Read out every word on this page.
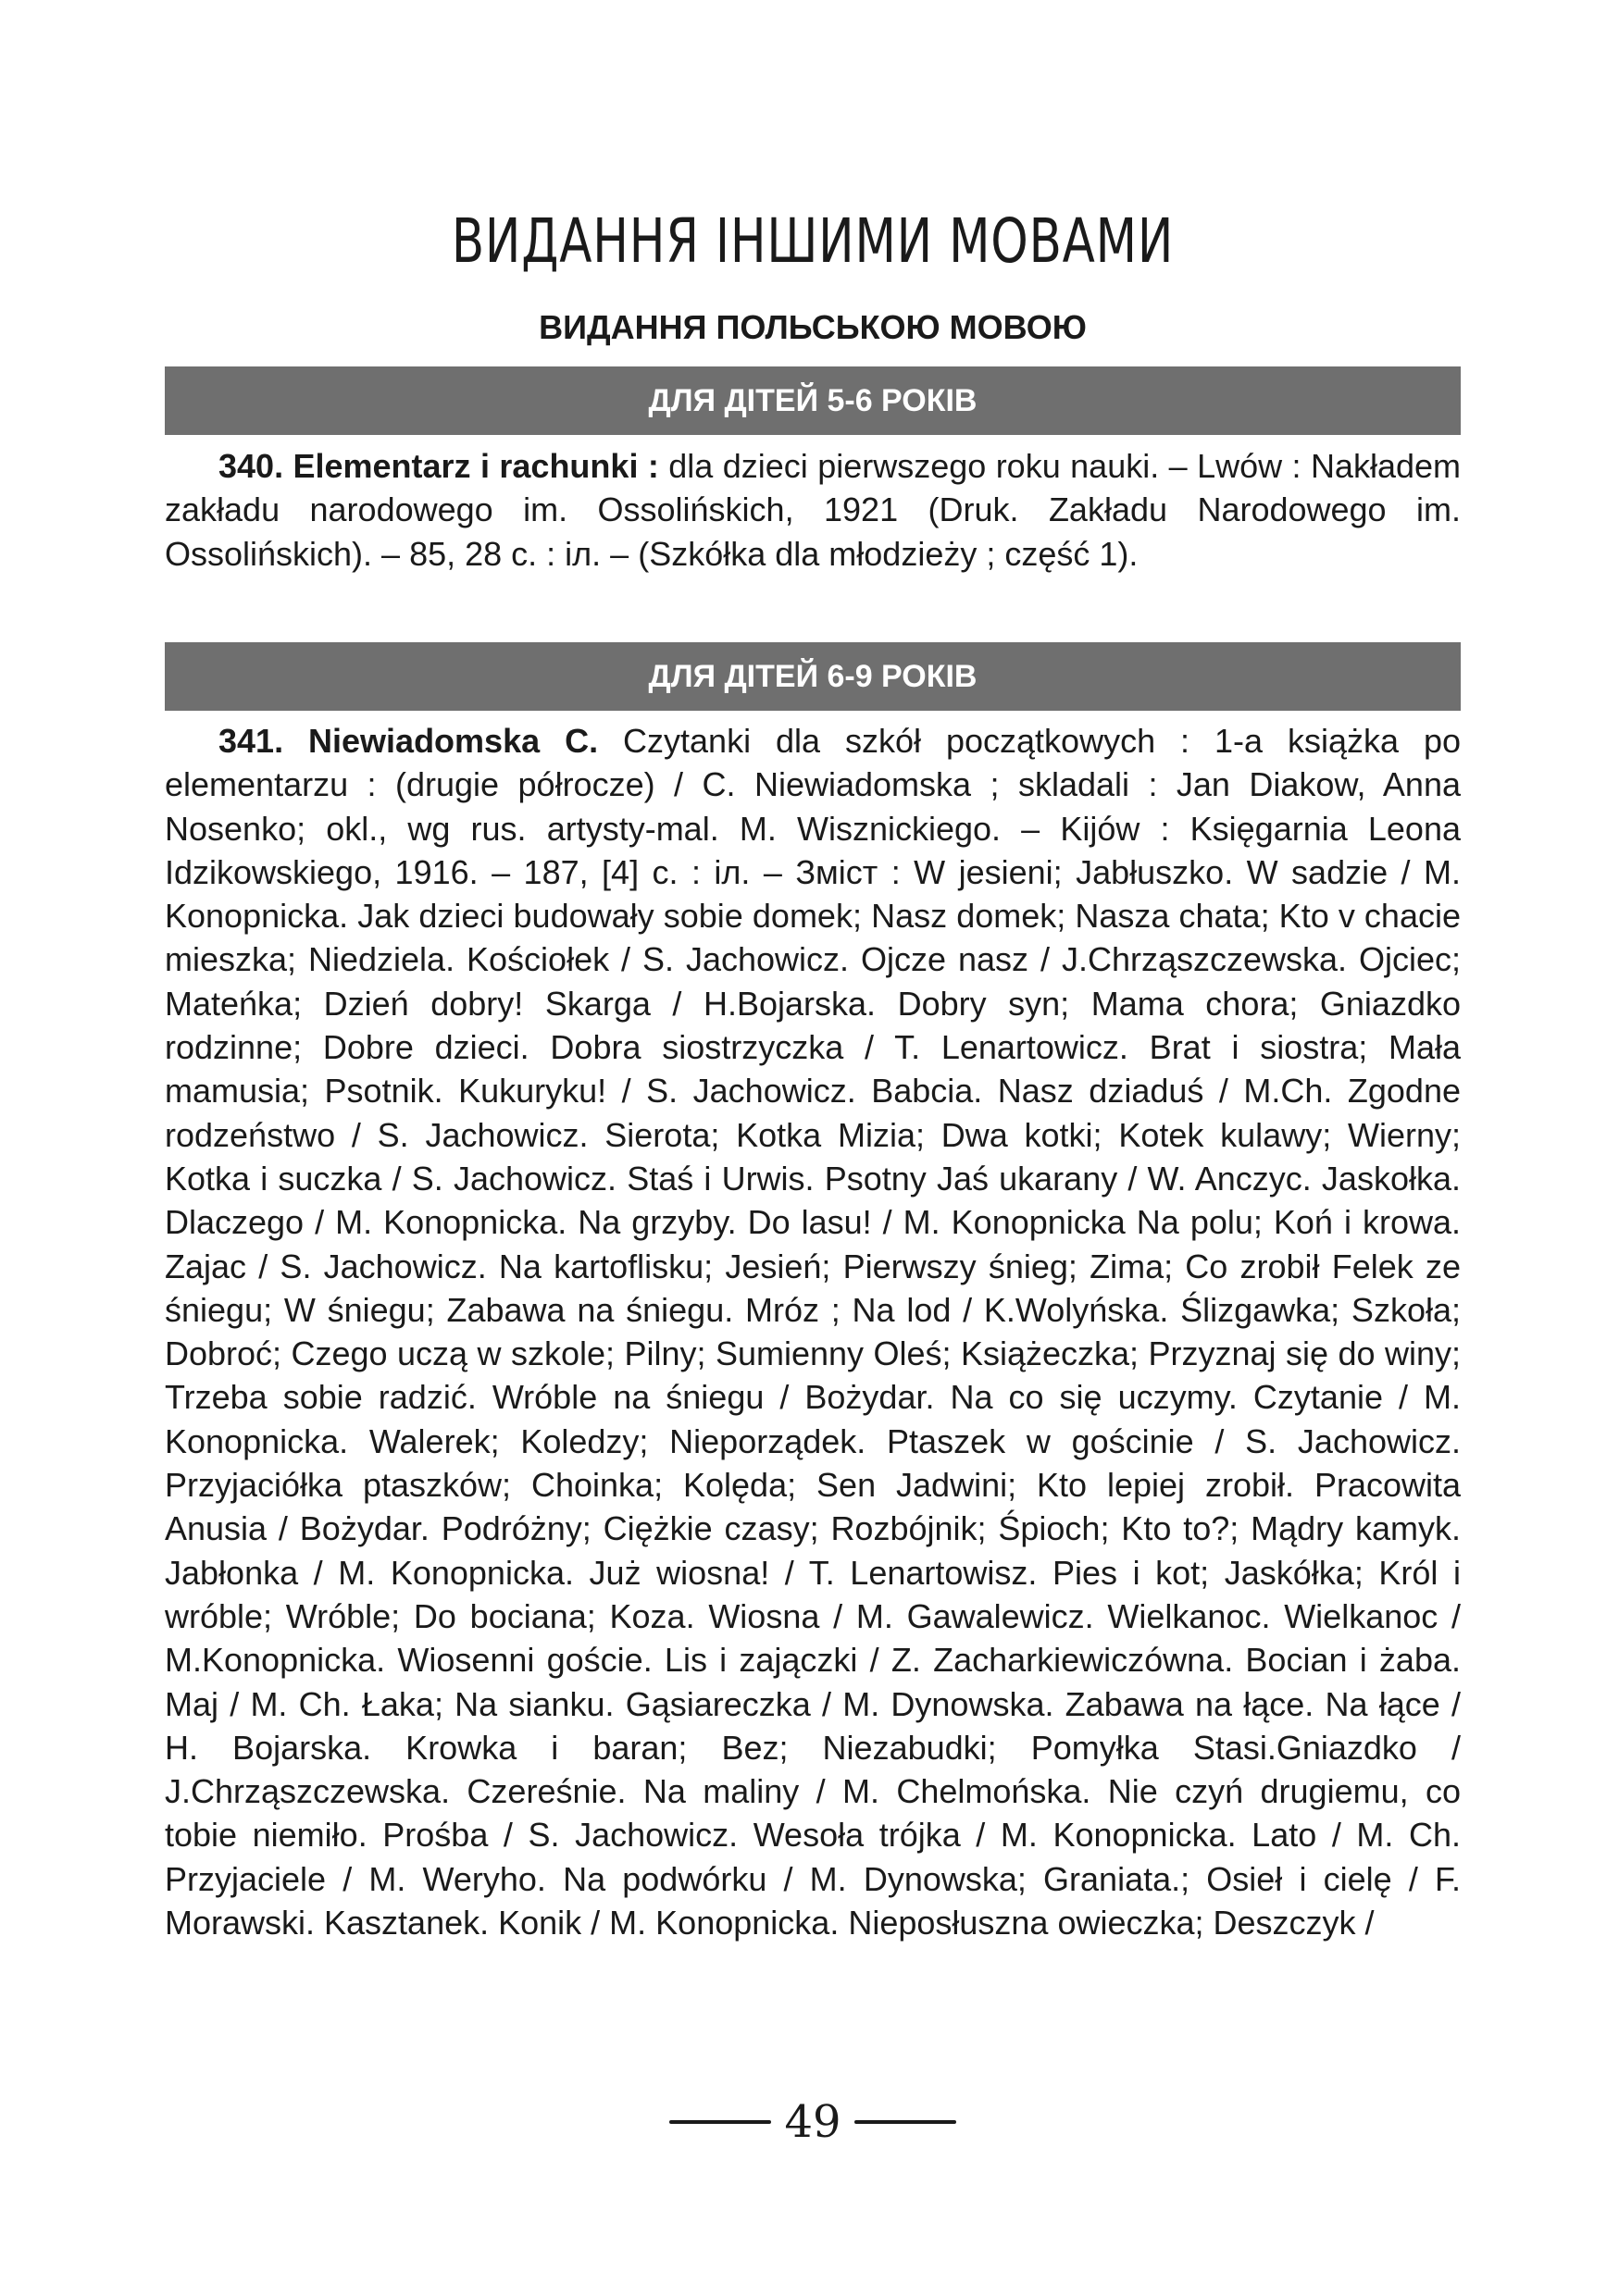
ВИДАННЯ ІНШИМИ МОВАМИ
ВИДАННЯ ПОЛЬСЬКОЮ МОВОЮ
ДЛЯ ДІТЕЙ 5-6 РОКІВ

340. Elementarz i rachunki : dla dzieci pierwszego roku nauki. – Lwów : Nakładem zakładu narodowego im. Ossolińskich, 1921 (Druk. Zakładu Narodowego im. Ossolińskich). – 85, 28 с. : іл. – (Szkółka dla młodzieży ; część 1).

ДЛЯ ДІТЕЙ 6-9 РОКІВ

341. Niewiadomska C. Czytanki dla szkół początkowych : 1-a książka po elementarzu : (drugie półrocze) / C. Niewiadomska ; skladali : Jan Diakow, Anna Nosenko; okl., wg rus. artysty-mal. M. Wisznickiego. – Kijów : Księgarnia Leona Idzikowskiego, 1916. – 187, [4] с. : іл. – Зміст : W jesieni; Jabłuszko. W sadzie / M. Konopnicka. Jak dzieci budowały sobie domek; Nasz domek; Nasza chata; Kto v chacie mieszka; Niedziela. Kościołek / S. Jachowicz. Ojcze nasz / J.Chrząszczewska. Ojciec; Mateńka; Dzień dobry! Skarga / H.Bojarska. Dobry syn; Mama chora; Gniazdko rodzinne; Dobre dzieci. Dobra siostrzyczka / T. Lenartowicz. Brat i siostra; Mała mamusia; Psotnik. Kukuryku! / S. Jachowicz. Babcia. Nasz dziaduś / M.Ch. Zgodne rodzeństwo / S. Jachowicz. Sierota; Kotka Mizia; Dwa kotki; Kotek kulawy; Wierny; Kotka i suczka / S. Jachowicz. Staś i Urwis. Psotny Jaś ukarany / W. Anczyc. Jaskołka. Dlaczego / M. Konopnicka. Na grzyby. Do lasu! / M. Konopnicka Na polu; Koń i krowa. Zajac / S. Jachowicz. Na kartoflisku; Jesień; Pierwszy śnieg; Zima; Co zrobił Felek ze śniegu; W śniegu; Zabawa na śniegu. Mróz ; Na lod / K.Wolyńska. Ślizgawka; Szkoła; Dobroć; Czego uczą w szkole; Pilny; Sumienny Oleś; Książeczka; Przyznaj się do winy; Trzeba sobie radzić. Wróble na śniegu / Bożydar. Na co się uczymy. Czytanie / M. Konopnicka. Walerek; Koledzy; Nieporządek. Ptaszek w gościnie / S. Jachowicz. Przyjaciółka ptaszków; Choinka; Kolęda; Sen Jadwini; Kto lepiej zrobił. Pracowita Anusia / Bożydar. Podróżny; Ciężkie czasy; Rozbójnik; Śpioch; Kto to?; Mądry kamyk. Jabłonka / M. Konopnicka. Już wiosna! / T. Lenartowisz. Pies i kot; Jaskółka; Król i wróble; Wróble; Do bociana; Koza. Wiosna / M. Gawalewicz. Wielkanoc. Wielkanoc / M.Konopnicka. Wiosenni goście. Lis i zajączki / Z. Zacharkiewiczówna. Bocian i żaba. Maj / M. Ch. Łaka; Na sianku. Gąsiareczka / M. Dynowska. Zabawa na łące. Na łące / H. Bojarska. Krowka i baran; Bez; Niezabudki; Pomyłka Stasi.Gniazdko / J.Chrząszczewska. Czereśnie. Na maliny / M. Chelmońska. Nie czyń drugiemu, co tobie niemiło. Prośba / S. Jachowicz. Wesoła trójka / M. Konopnicka. Lato / M. Ch. Przyjaciele / M. Weryho. Na podwórku / M. Dynowska; Graniata.; Osieł i cielę / F. Morawski. Kasztanek. Konik / M. Konopnicka. Nieposłuszna owieczka; Deszczyk /

49
